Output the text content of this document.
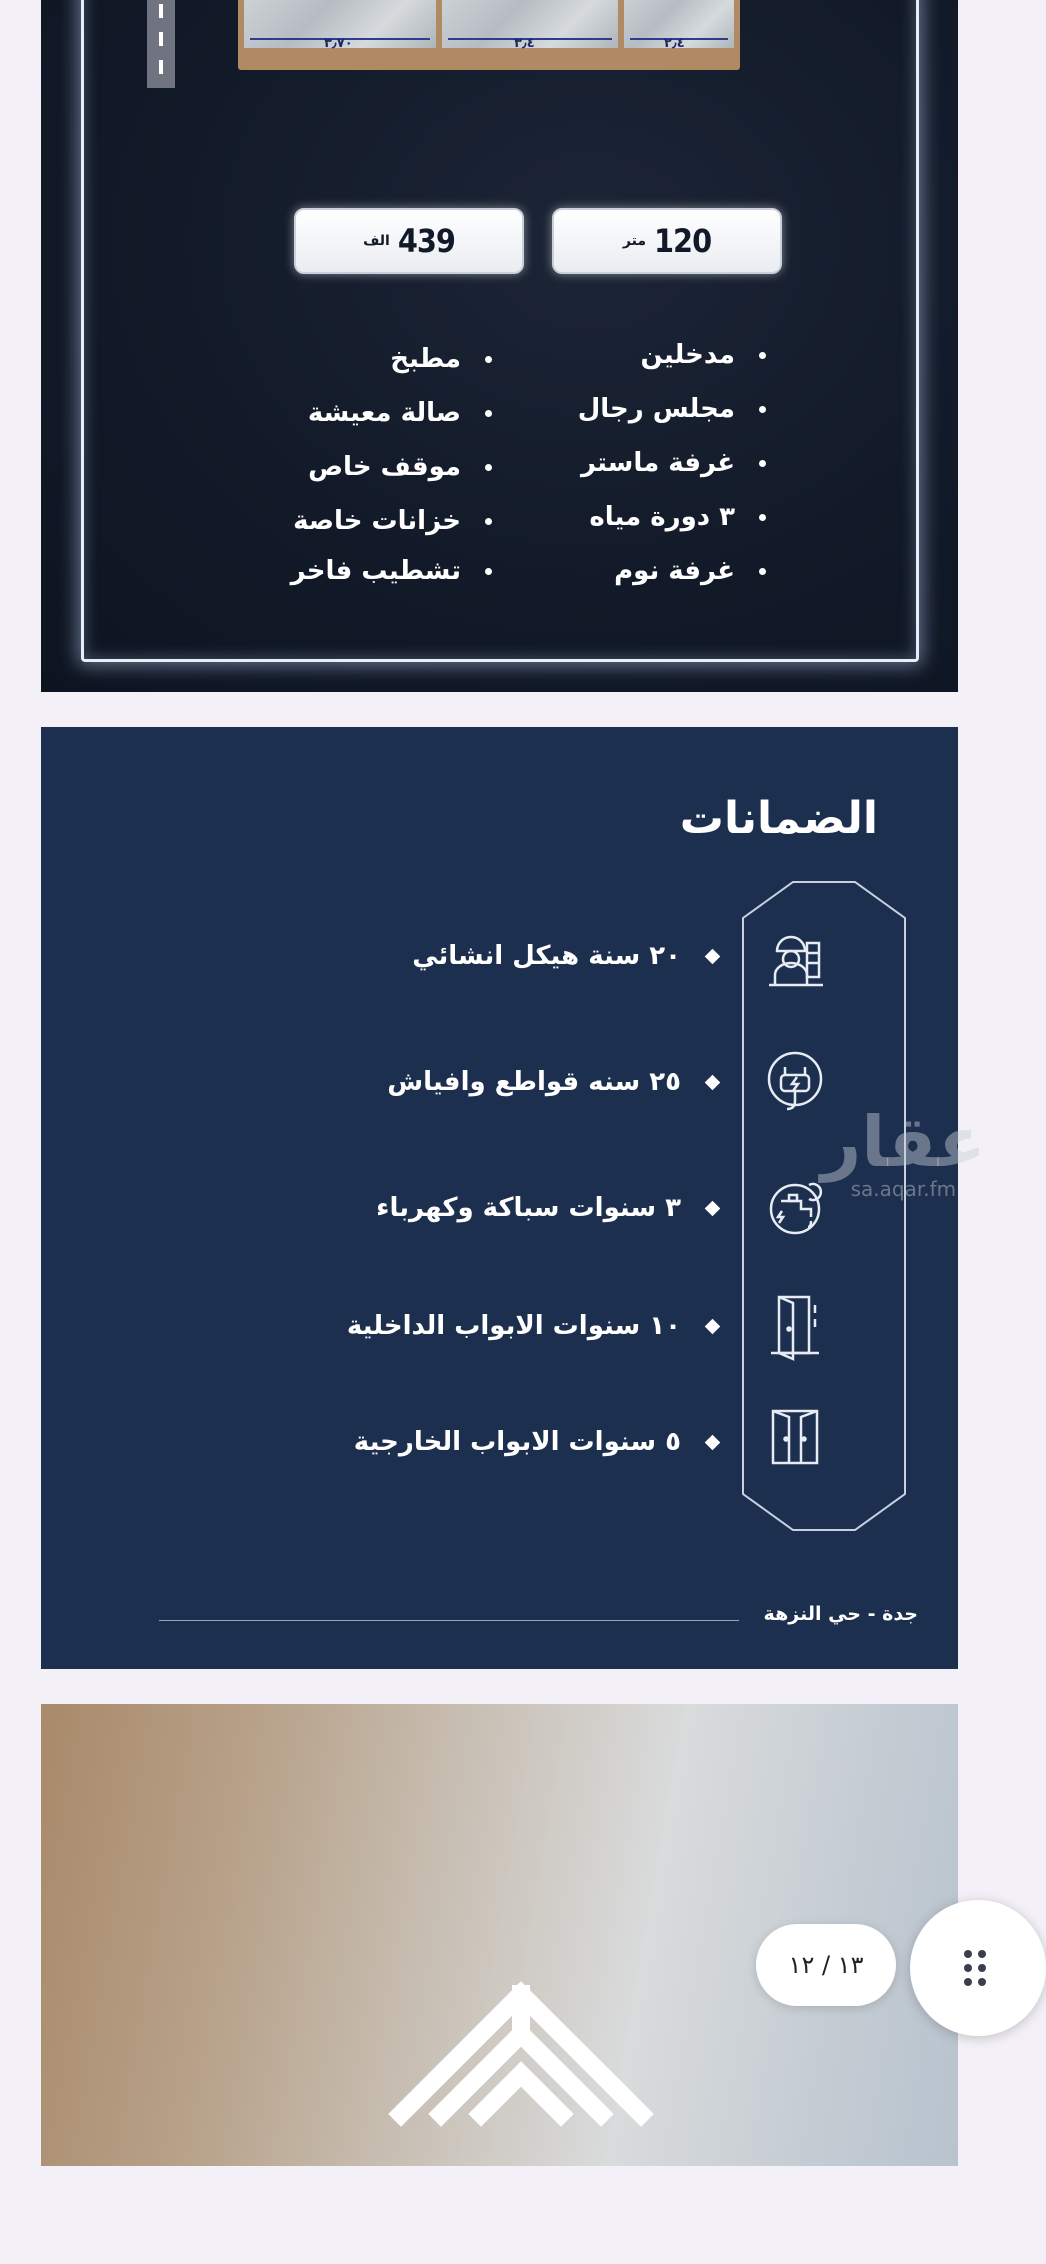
٣٫٧٠	٣٫٤	٢٫٤
120
متر
439
الف
مدخلين
مجلس رجال
غرفة ماستر
٣ دورة مياه
غرفة نوم
مطبخ
صالة معيشة
موقف خاص
خزانات خاصة
تشطيب فاخر
الضمانات
٢٠ سنة هيكل انشائي
٢٥ سنه قواطع وافياش
٣ سنوات سباكة وكهرباء
١٠ سنوات الابواب الداخلية
٥ سنوات الابواب الخارجية
عقار
sa.aqar.fm
جدة - حي النزهة
١٣ / ١٢
